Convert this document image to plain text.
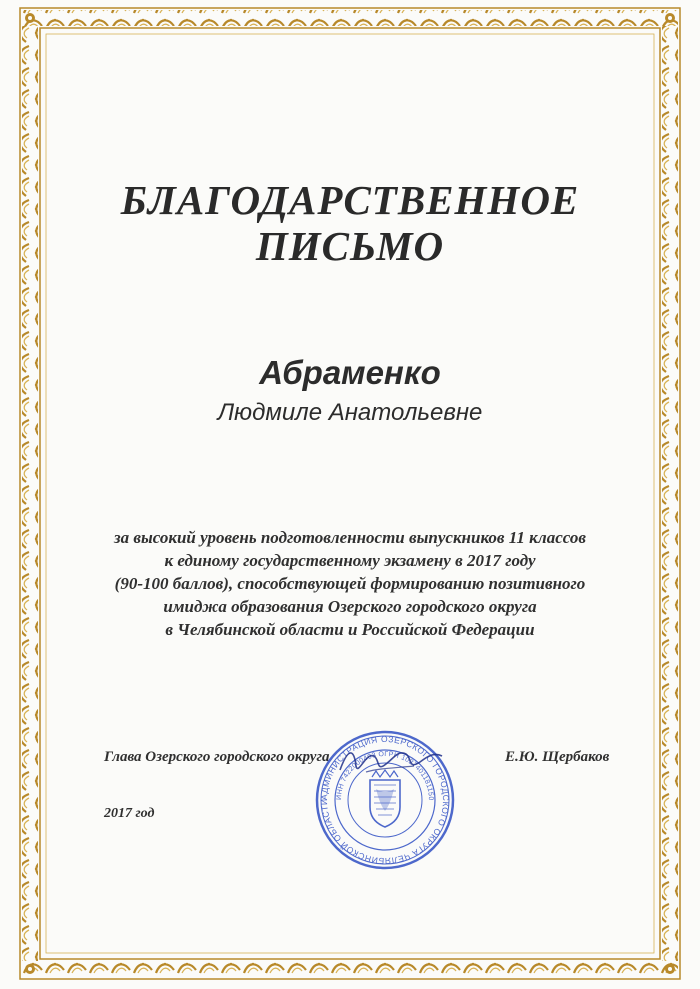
БЛАГОДАРСТВЕННОЕ
ПИСЬМО
Абраменко
Людмиле Анатольевне
за высокий уровень подготовленности выпускников 11 классов
к единому государственному экзамену в 2017 году
(90-100 баллов), способствующей формированию позитивного
имиджа образования Озерского городского округа
в Челябинской области и Российской Федерации
Глава Озерского городского округа	Е.Ю. Щербаков
2017 год
АДМИНИСТРАЦИЯ ОЗЕРСКОГО ГОРОДСКОГО ОКРУГА ЧЕЛЯБИНСКОЙ ОБЛАСТИ
ИНН 7422000403 ОГРН 1027401181150
